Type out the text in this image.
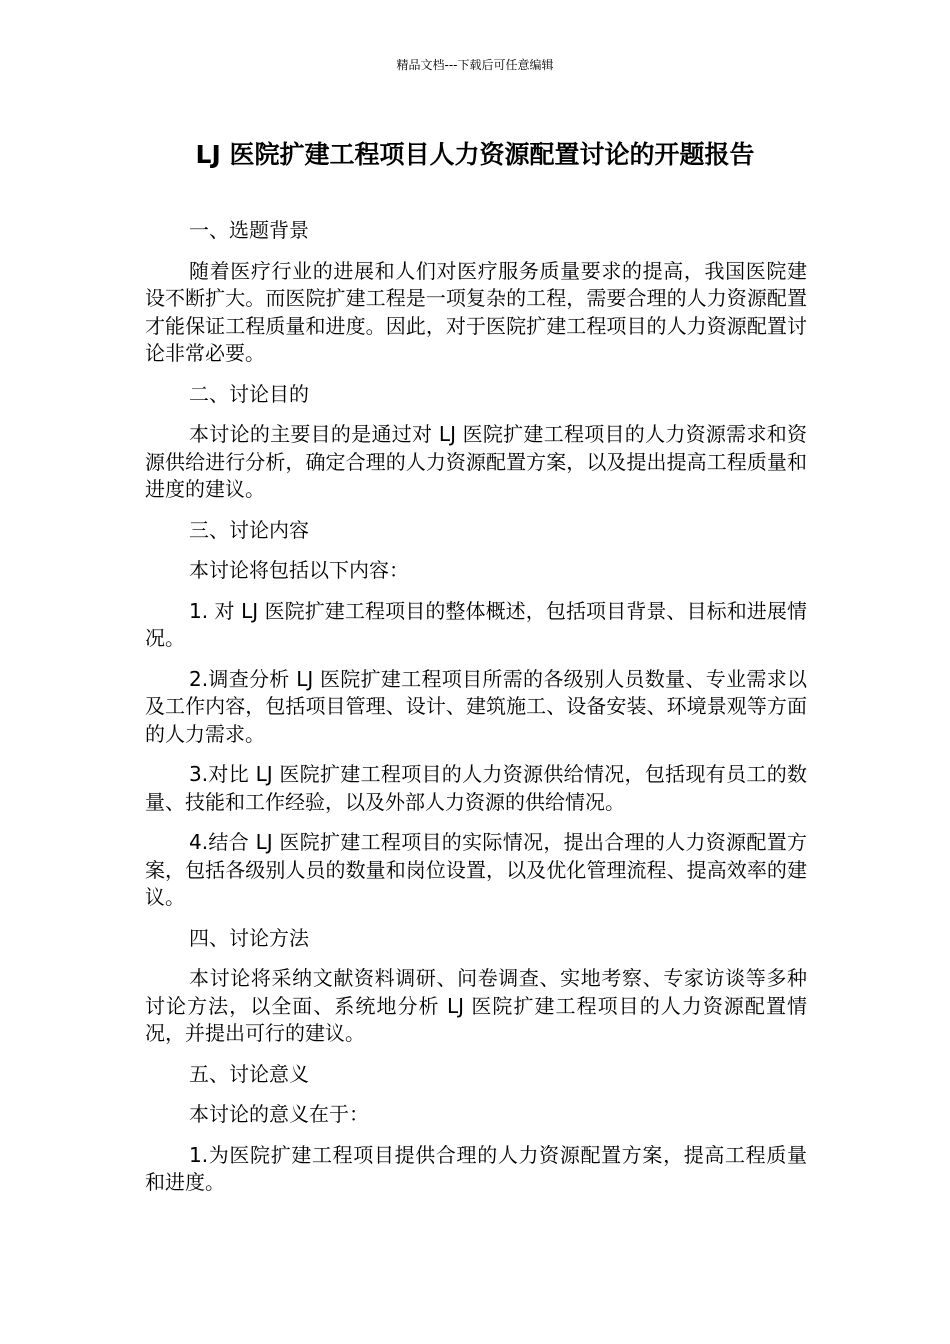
精品文档---下载后可任意编辑
LJ 医院扩建工程项目人力资源配置讨论的开题报告

一、选题背景

随着医疗行业的进展和人们对医疗服务质量要求的提高，我国医院建设不断扩大。而医院扩建工程是一项复杂的工程，需要合理的人力资源配置才能保证工程质量和进度。因此，对于医院扩建工程项目的人力资源配置讨论非常必要。

二、讨论目的

本讨论的主要目的是通过对 LJ 医院扩建工程项目的人力资源需求和资源供给进行分析，确定合理的人力资源配置方案，以及提出提高工程质量和进度的建议。

三、讨论内容

本讨论将包括以下内容：

1. 对 LJ 医院扩建工程项目的整体概述，包括项目背景、目标和进展情况。

2.调查分析 LJ 医院扩建工程项目所需的各级别人员数量、专业需求以及工作内容，包括项目管理、设计、建筑施工、设备安装、环境景观等方面的人力需求。

3.对比 LJ 医院扩建工程项目的人力资源供给情况，包括现有员工的数量、技能和工作经验，以及外部人力资源的供给情况。

4.结合 LJ 医院扩建工程项目的实际情况，提出合理的人力资源配置方案，包括各级别人员的数量和岗位设置，以及优化管理流程、提高效率的建议。

四、讨论方法

本讨论将采纳文献资料调研、问卷调查、实地考察、专家访谈等多种讨论方法，以全面、系统地分析 LJ 医院扩建工程项目的人力资源配置情况，并提出可行的建议。

五、讨论意义

本讨论的意义在于：

1.为医院扩建工程项目提供合理的人力资源配置方案，提高工程质量和进度。
